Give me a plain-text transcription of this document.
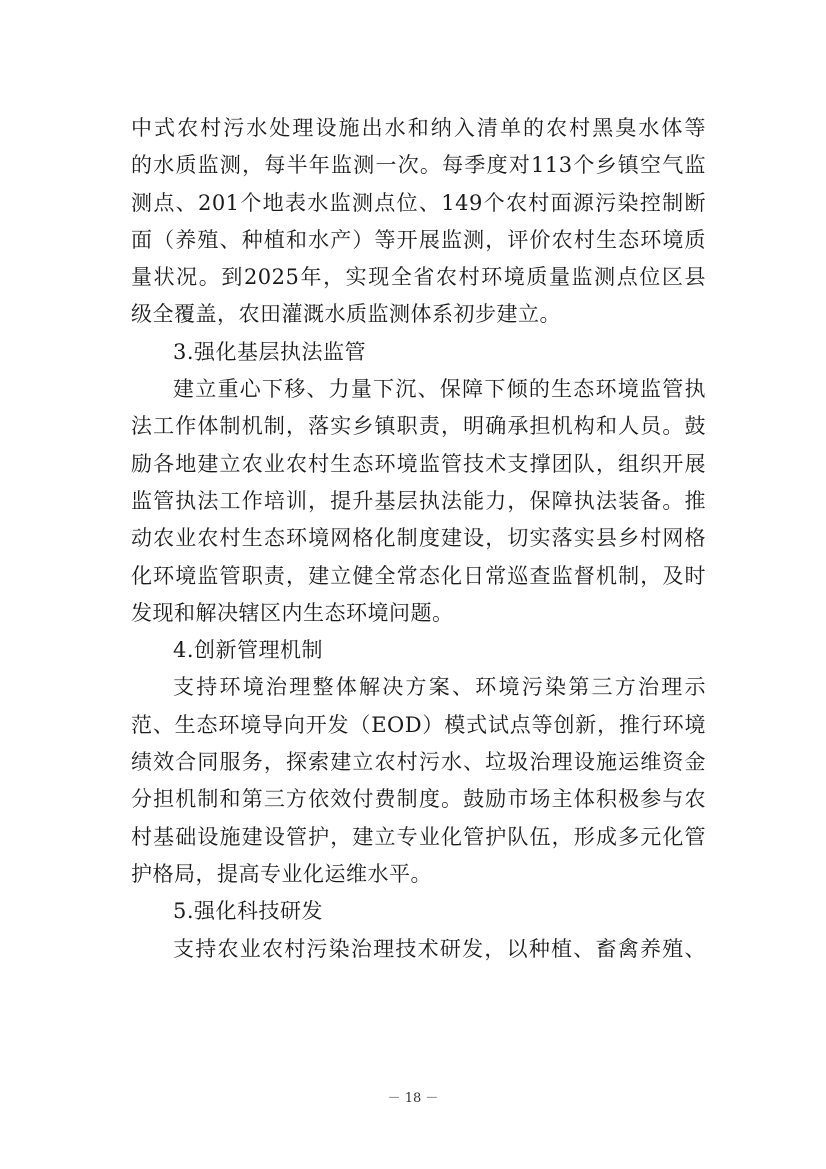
中式农村污水处理设施出水和纳入清单的农村黑臭水体等
的水质监测，每半年监测一次。每季度对113个乡镇空气监
测点、201个地表水监测点位、149个农村面源污染控制断
面（养殖、种植和水产）等开展监测，评价农村生态环境质
量状况。到2025年，实现全省农村环境质量监测点位区县
级全覆盖，农田灌溉水质监测体系初步建立。
3.强化基层执法监管
建立重心下移、力量下沉、保障下倾的生态环境监管执
法工作体制机制，落实乡镇职责，明确承担机构和人员。鼓
励各地建立农业农村生态环境监管技术支撑团队，组织开展
监管执法工作培训，提升基层执法能力，保障执法装备。推
动农业农村生态环境网格化制度建设，切实落实县乡村网格
化环境监管职责，建立健全常态化日常巡查监督机制，及时
发现和解决辖区内生态环境问题。
4.创新管理机制
支持环境治理整体解决方案、环境污染第三方治理示
范、生态环境导向开发（EOD）模式试点等创新，推行环境
绩效合同服务，探索建立农村污水、垃圾治理设施运维资金
分担机制和第三方依效付费制度。鼓励市场主体积极参与农
村基础设施建设管护，建立专业化管护队伍，形成多元化管
护格局，提高专业化运维水平。
5.强化科技研发
支持农业农村污染治理技术研发，以种植、畜禽养殖、
－ 18 －
